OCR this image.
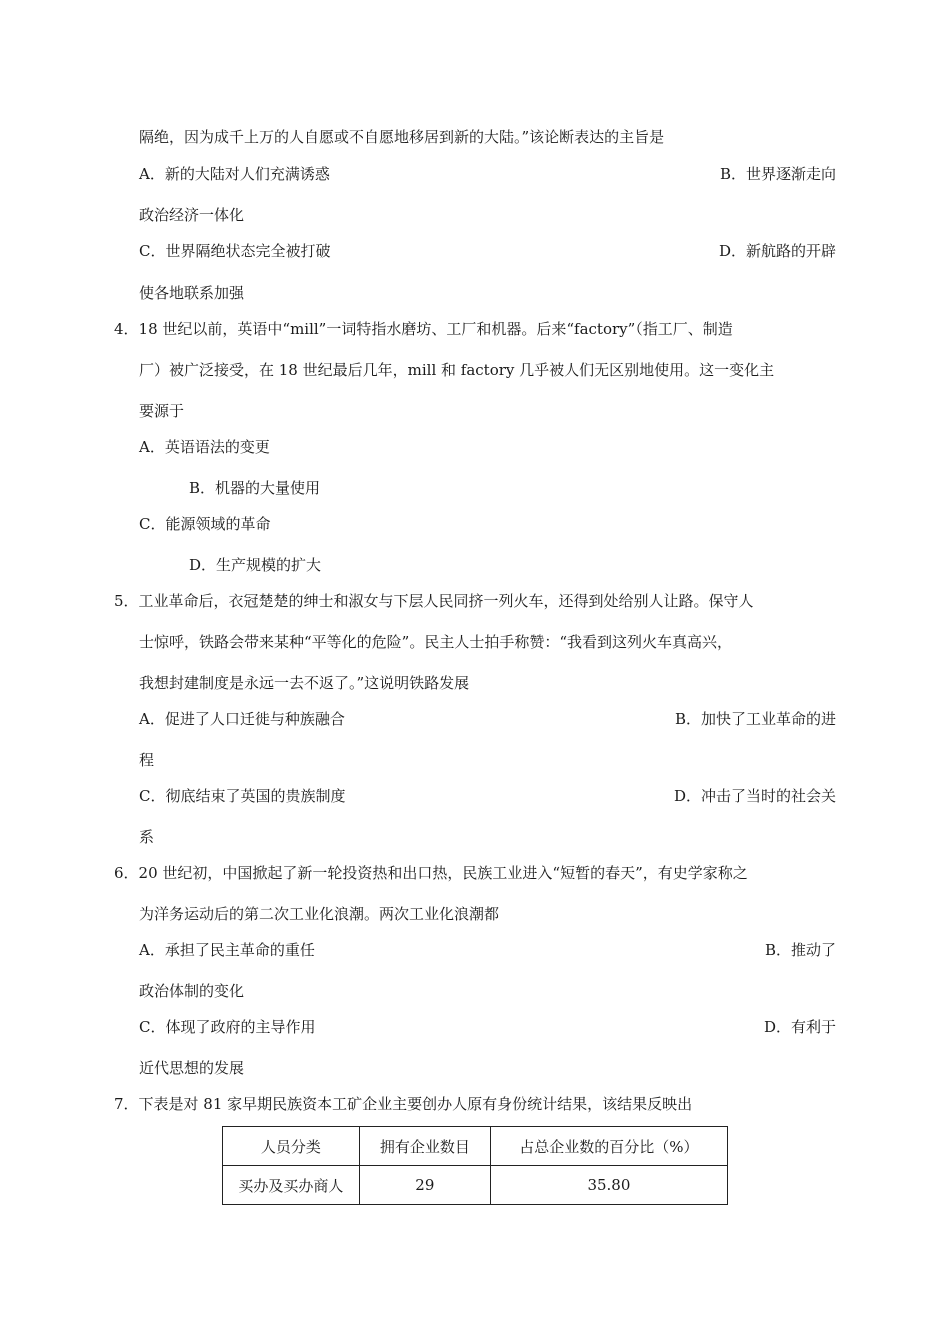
隔绝，因为成千上万的人自愿或不自愿地移居到新的大陆。”该论断表达的主旨是
A．新的大陆对人们充满诱惑	B．世界逐渐走向
政治经济一体化
C．世界隔绝状态完全被打破	D．新航路的开辟
使各地联系加强
4．18 世纪以前，英语中“mill”一词特指水磨坊、工厂和机器。后来“factory”（指工厂、制造
厂）被广泛接受，在 18 世纪最后几年，mill 和 factory 几乎被人们无区别地使用。这一变化主
要源于
A．英语语法的变更
B．机器的大量使用
C．能源领域的革命
D．生产规模的扩大
5．工业革命后，衣冠楚楚的绅士和淑女与下层人民同挤一列火车，还得到处给别人让路。保守人
士惊呼，铁路会带来某种“平等化的危险”。民主人士拍手称赞：“我看到这列火车真高兴，
我想封建制度是永远一去不返了。”这说明铁路发展
A．促进了人口迁徙与种族融合	B．加快了工业革命的进
程
C．彻底结束了英国的贵族制度	D．冲击了当时的社会关
系
6．20 世纪初，中国掀起了新一轮投资热和出口热，民族工业进入“短暂的春天”，有史学家称之
为洋务运动后的第二次工业化浪潮。两次工业化浪潮都
A．承担了民主革命的重任	B．推动了
政治体制的变化
C．体现了政府的主导作用	D．有利于
近代思想的发展
7．下表是对 81 家早期民族资本工矿企业主要创办人原有身份统计结果，该结果反映出
人员分类	拥有企业数目	占总企业数的百分比（%）
买办及买办商人	29	35.80
